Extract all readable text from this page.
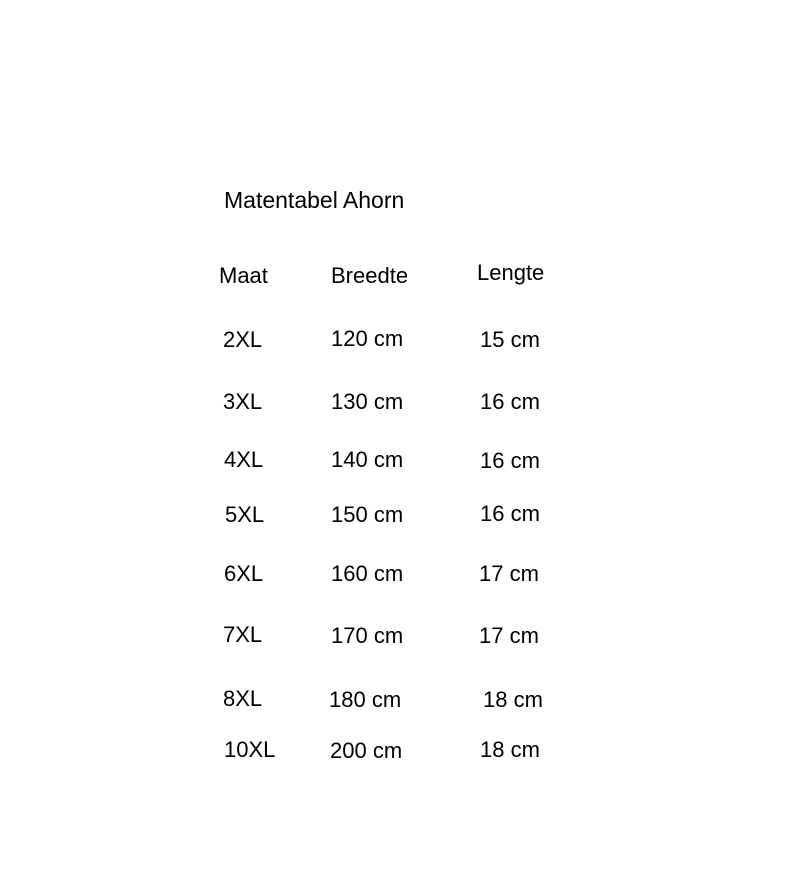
Matentabel Ahorn
Maat	Breedte	Lengte
2XL	120 cm	15 cm
3XL	130 cm	16 cm
4XL	140 cm	16 cm
5XL	150 cm	16 cm
6XL	160 cm	17 cm
7XL	170 cm	17 cm
8XL	180 cm	18 cm
10XL 200 cm	18 cm
